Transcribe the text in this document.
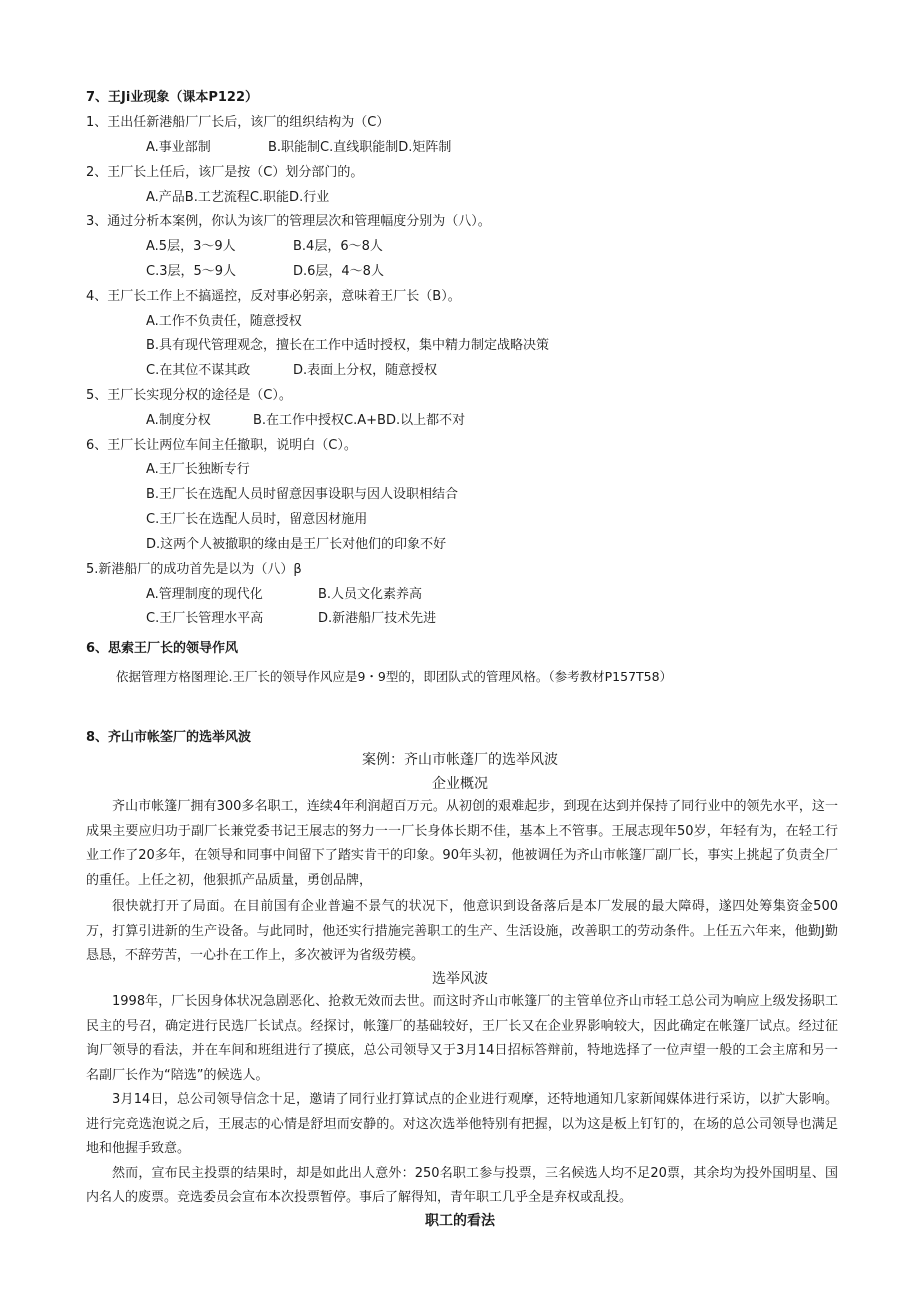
7、王Ji业现象（课本P122）
1、王出任新港船厂厂长后，该厂的组织结构为（C）
A.事业部制	B.职能制C.直线职能制D.矩阵制
2、王厂长上任后，该厂是按（C）划分部门的。
A.产品B.工艺流程C.职能D.行业
3、通过分析本案例，你认为该厂的管理层次和管理幅度分别为（八）。
A.5层，3〜9人	B.4层，6〜8人
C.3层，5〜9人	D.6层，4〜8人
4、王厂长工作上不搞遥控，反对事必躬亲，意味着王厂长（B）。
A.工作不负责任，随意授权
B.具有现代管理观念，擅长在工作中适时授权，集中精力制定战略决策
C.在其位不谋其政	D.表面上分权，随意授权
5、王厂长实现分权的途径是（C）。
A.制度分权	B.在工作中授权C.A+BD.以上都不对
6、王厂长让两位车间主任撤职，说明白（C）。
A.王厂长独断专行
B.王厂长在选配人员时留意因事设职与因人设职相结合
C.王厂长在选配人员时，留意因材施用
D.这两个人被撤职的缘由是王厂长对他们的印象不好
5.新港船厂的成功首先是以为（八）β
A.管理制度的现代化	B.人员文化素养高
C.王厂长管理水平高	D.新港船厂技术先进
6、思索王厂长的领导作风
依据管理方格图理论.王厂长的领导作风应是9・9型的，即团队式的管理风格。（参考教材P157T58）
8、齐山市帐筌厂的选举风波
案例：齐山市帐蓬厂的选举风波
企业概况

齐山市帐篷厂拥有300多名职工，连续4年利润超百万元。从初创的艰难起步，到现在达到并保持了同行业中的领先水平，这一成果主要应归功于副厂长兼党委书记王展志的努力一一厂长身体长期不佳，基本上不管事。王展志现年50岁，年轻有为，在轻工行业工作了20多年，在领导和同事中间留下了踏实肯干的印象。90年头初，他被调任为齐山市帐篷厂副厂长，事实上挑起了负责全厂的重任。上任之初，他狠抓产品质量，勇创品牌，

很快就打开了局面。在目前国有企业普遍不景气的状况下，他意识到设备落后是本厂发展的最大障碍，遂四处筹集资金500万，打算引进新的生产设备。与此同时，他还实行措施完善职工的生产、生活设施，改善职工的劳动条件。上任五六年来，他勤J勤恳恳，不辞劳苦，一心扑在工作上，多次被评为省级劳模。

选举风波

1998年，厂长因身体状况急剧恶化、抢救无效而去世。而这时齐山市帐篷厂的主管单位齐山市轻工总公司为响应上级发扬职工民主的号召，确定进行民选厂长试点。经探讨，帐篷厂的基础较好，王厂长又在企业界影响较大，因此确定在帐篷厂试点。经过征询厂领导的看法，并在车间和班组进行了摸底，总公司领导又于3月14日招标答辩前，特地选择了一位声望一般的工会主席和另一名副厂长作为“陪选”的候选人。

3月14日，总公司领导信念十足，邀请了同行业打算试点的企业进行观摩，还特地通知几家新闻媒体进行采访，以扩大影响。进行完竞选泡说之后，王展志的心情是舒坦而安静的。对这次选举他特别有把握，以为这是板上钉钉的，在场的总公司领导也满足地和他握手致意。

然而，宣布民主投票的结果时，却是如此出人意外：250名职工参与投票，三名候选人均不足20票，其余均为投外国明星、国内名人的废票。竞选委员会宣布本次投票暂停。事后了解得知，青年职工几乎全是弃权或乱投。

职工的看法
